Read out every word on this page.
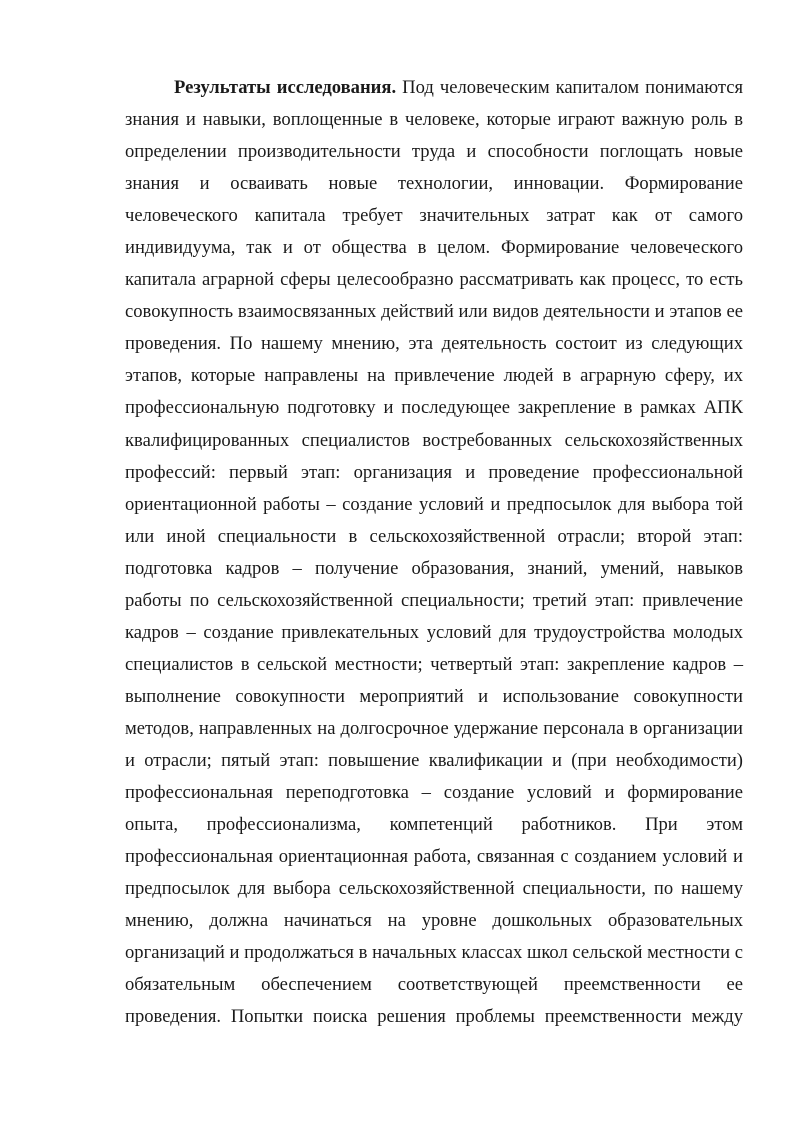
Результаты исследования. Под человеческим капиталом понимаются
знания и навыки, воплощенные в человеке, которые играют важную роль в
определении производительности труда и способности поглощать новые
знания и осваивать новые технологии, инновации. Формирование
человеческого капитала требует значительных затрат как от самого
индивидуума, так и от общества в целом. Формирование человеческого
капитала аграрной сферы целесообразно рассматривать как процесс, то есть
совокупность взаимосвязанных действий или видов деятельности и этапов ее
проведения. По нашему мнению, эта деятельность состоит из следующих
этапов, которые направлены на привлечение людей в аграрную сферу, их
профессиональную подготовку и последующее закрепление в рамках АПК
квалифицированных специалистов востребованных сельскохозяйственных
профессий: первый этап: организация и проведение профессиональной
ориентационной работы – создание условий и предпосылок для выбора той
или иной специальности в сельскохозяйственной отрасли; второй этап:
подготовка кадров – получение образования, знаний, умений, навыков
работы по сельскохозяйственной специальности; третий этап: привлечение
кадров – создание привлекательных условий для трудоустройства молодых
специалистов в сельской местности; четвертый этап: закрепление кадров –
выполнение совокупности мероприятий и использование совокупности
методов, направленных на долгосрочное удержание персонала в организации
и отрасли; пятый этап: повышение квалификации и (при необходимости)
профессиональная переподготовка – создание условий и формирование
опыта, профессионализма, компетенций работников. При этом
профессиональная ориентационная работа, связанная с созданием условий и
предпосылок для выбора сельскохозяйственной специальности, по нашему
мнению, должна начинаться на уровне дошкольных образовательных
организаций и продолжаться в начальных классах школ сельской местности с
обязательным обеспечением соответствующей преемственности ее
проведения. Попытки поиска решения проблемы преемственности между
